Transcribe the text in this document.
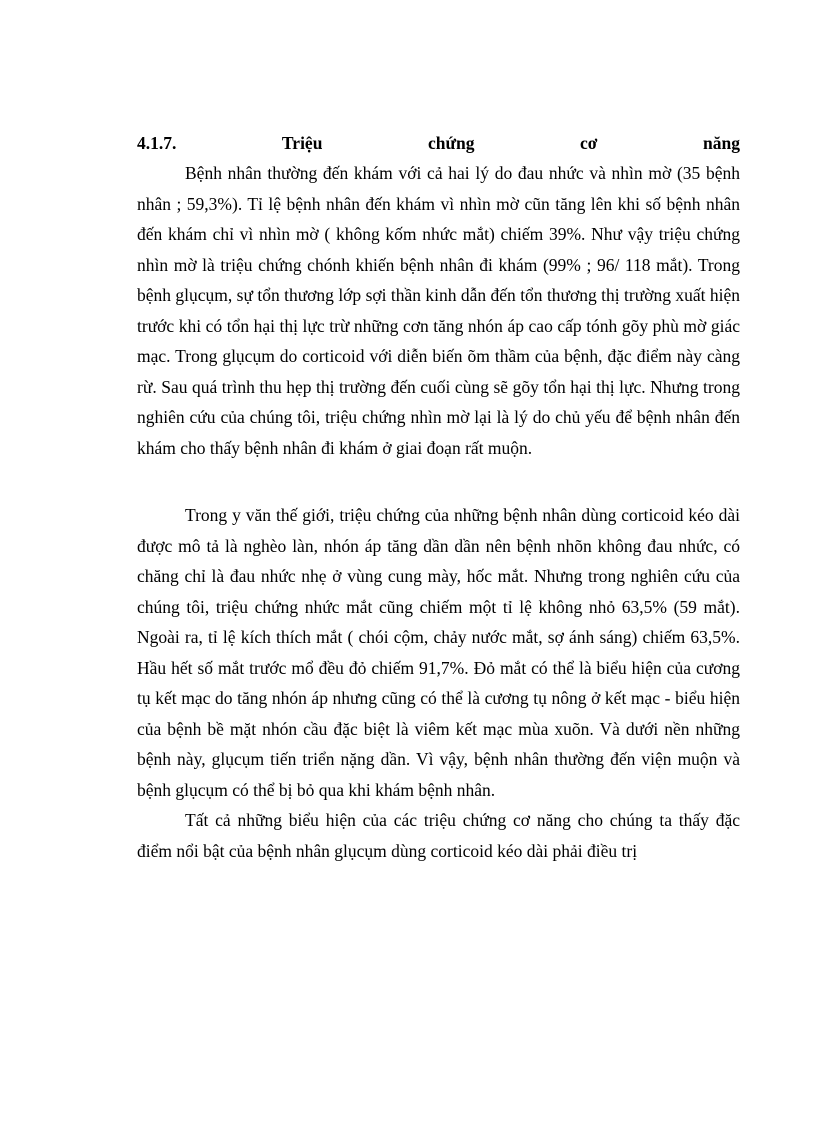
4.1.7.	Triệu	chứng	cơ	năng

Bệnh nhân thường đến khám với cả hai lý do đau nhức và nhìn mờ (35 bệnh nhân ; 59,3%). Tỉ lệ bệnh nhân đến khám vì nhìn mờ cũn tăng lên khi số bệnh nhân đến khám chỉ vì nhìn mờ ( không kốm nhức mắt) chiếm 39%. Như vậy triệu chứng nhìn mờ là triệu chứng chónh khiến bệnh nhân đi khám (99% ; 96/ 118 mắt). Trong bệnh glụcụm, sự tổn thương lớp sợi thần kinh dẫn đến tổn thương thị trường xuất hiện trước khi có tổn hại thị lực trừ những cơn tăng nhón áp cao cấp tónh gõy phù mờ giác mạc. Trong glụcụm do corticoid với diễn biến õm thầm của bệnh, đặc điểm này càng rừ. Sau quá trình thu hẹp thị trường đến cuối cùng sẽ gõy tổn hại thị lực. Nhưng trong nghiên cứu của chúng tôi, triệu chứng nhìn mờ lại là lý do chủ yếu để bệnh nhân đến khám cho thấy bệnh nhân đi khám ở giai đoạn rất muộn.

Trong y văn thế giới, triệu chứng của những bệnh nhân dùng corticoid kéo dài được mô tả là nghèo làn, nhón áp tăng dần dần nên bệnh nhõn không đau nhức, có chăng chỉ là đau nhức nhẹ ở vùng cung mày, hốc mắt. Nhưng trong nghiên cứu của chúng tôi, triệu chứng nhức mắt cũng chiếm một tỉ lệ không nhỏ 63,5% (59 mắt). Ngoài ra, tỉ lệ kích thích mắt ( chói cộm, chảy nước mắt, sợ ánh sáng) chiếm 63,5%. Hầu hết số mắt trước mổ đều đỏ chiếm 91,7%. Đỏ mắt có thể là biểu hiện của cương tụ kết mạc do tăng nhón áp nhưng cũng có thể là cương tụ nông ở kết mạc - biểu hiện của bệnh bề mặt nhón cầu đặc biệt là viêm kết mạc mùa xuõn. Và dưới nền những bệnh này, glụcụm tiến triển nặng dần. Vì vậy, bệnh nhân thường đến viện muộn và bệnh glụcụm có thể bị bỏ qua khi khám bệnh nhân.

Tất cả những biểu hiện của các triệu chứng cơ năng cho chúng ta thấy đặc điểm nổi bật của bệnh nhân glụcụm dùng corticoid kéo dài phải điều trị
